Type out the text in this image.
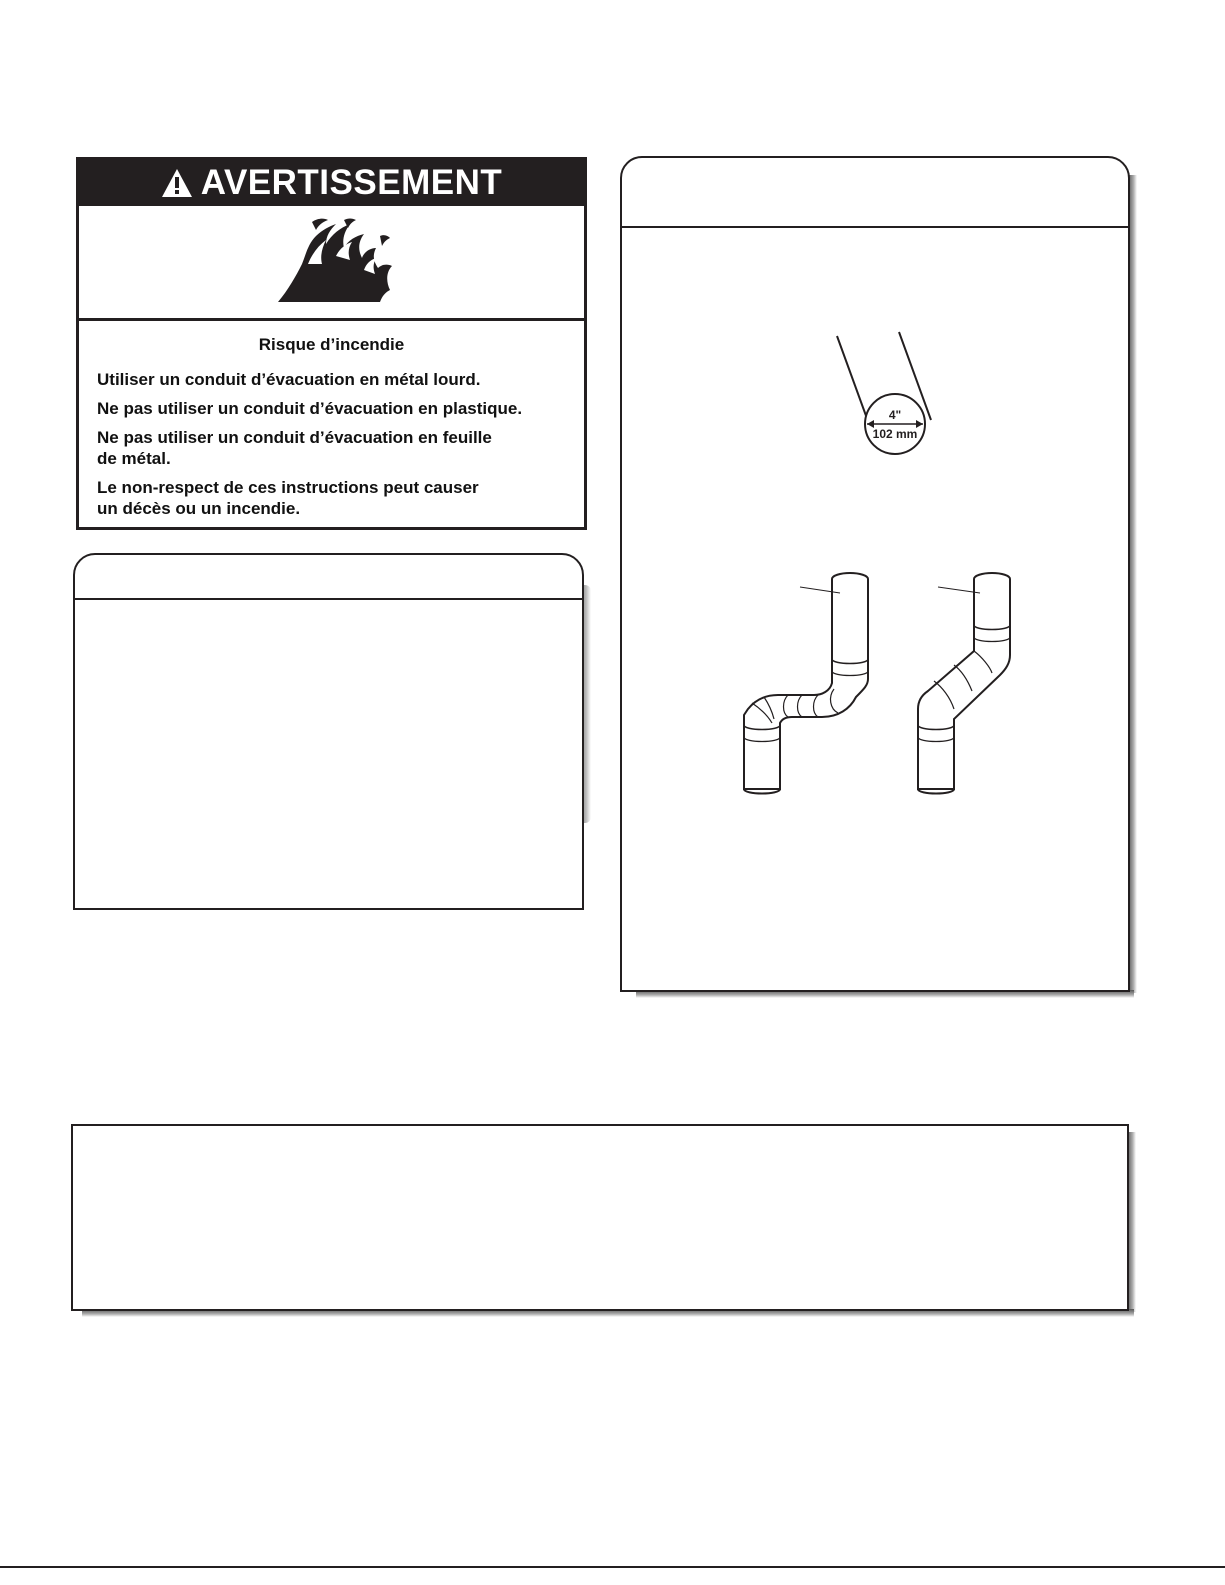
AVERTISSEMENT

Risque d’incendie

Utiliser un conduit d’évacuation en métal lourd.

Ne pas utiliser un conduit d’évacuation en plastique.

Ne pas utiliser un conduit d’évacuation en feuille
de métal.

Le non-respect de ces instructions peut causer
un décès ou un incendie.

4"
102 mm
